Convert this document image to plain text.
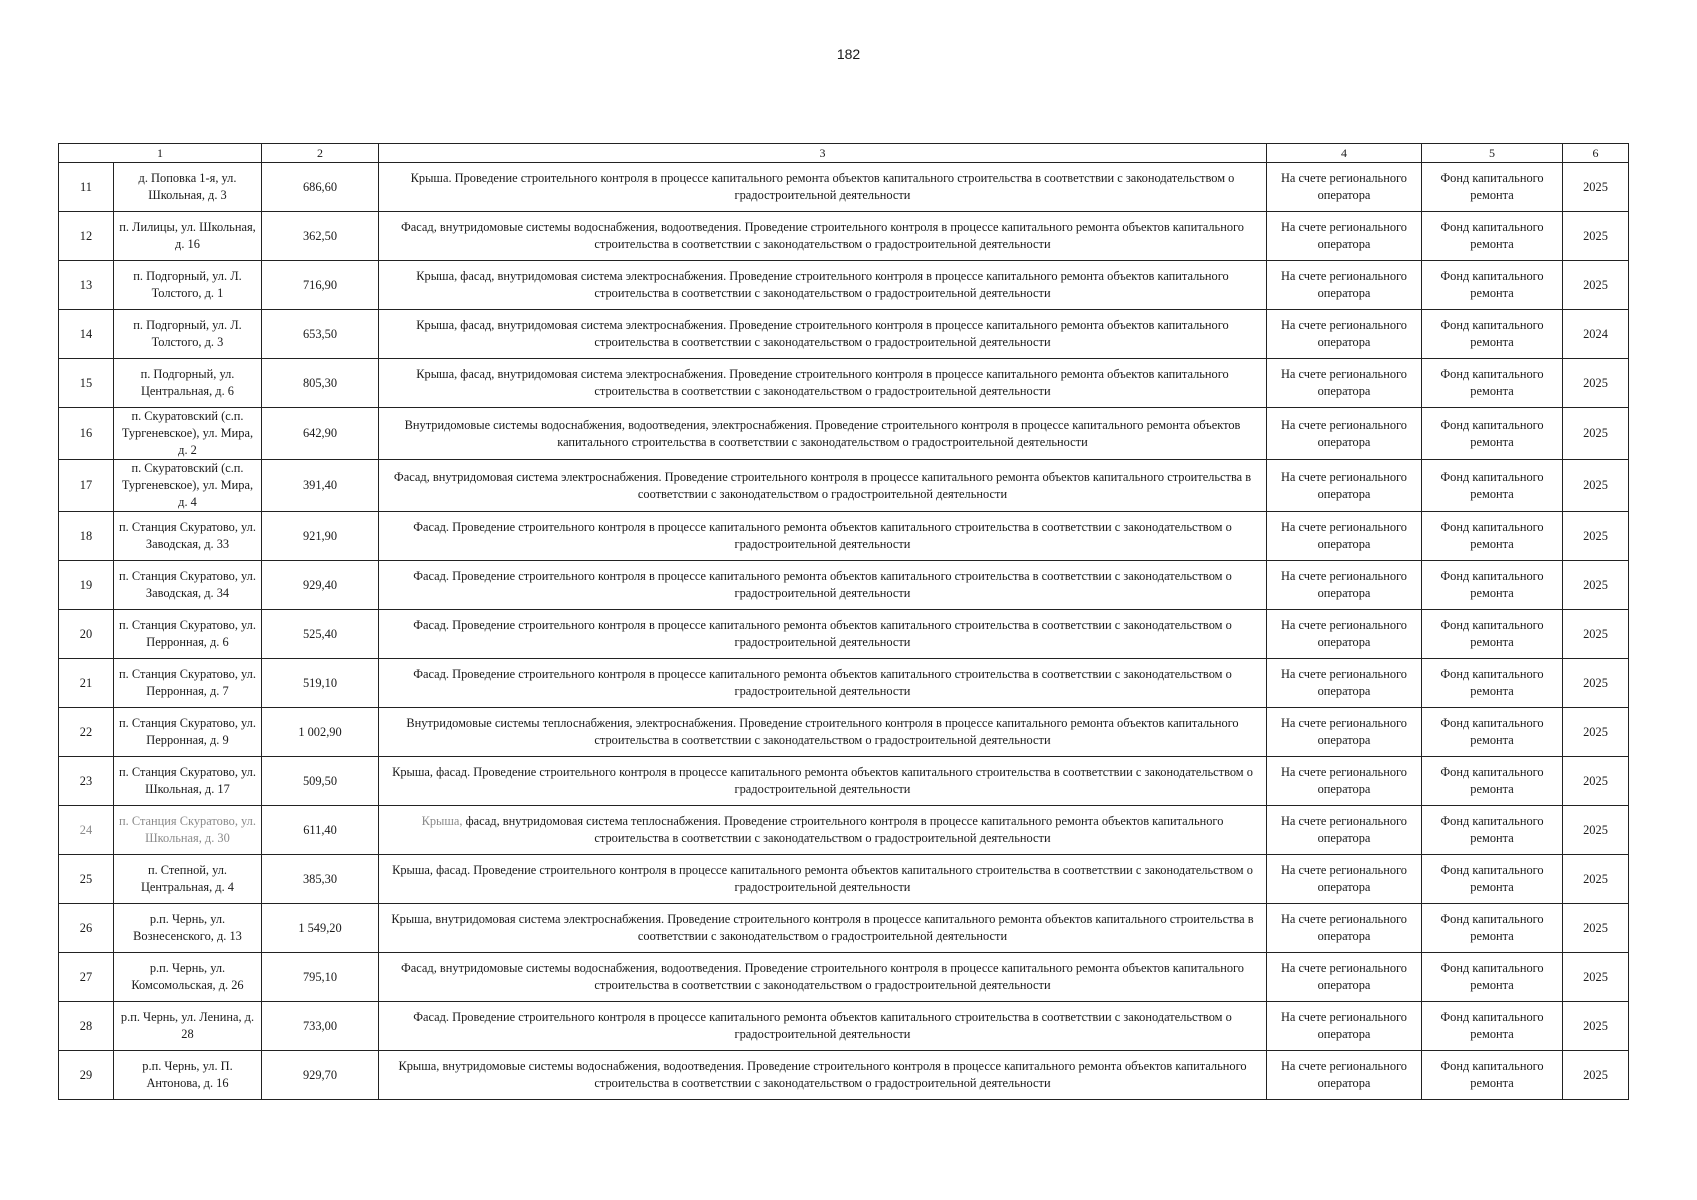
182
1		2	3	4	5	6
11	д. Поповка 1-я, ул. Школьная, д. 3	686,60	Крыша. Проведение строительного контроля в процессе капитального ремонта объектов капитального строительства в соответствии с законодательством о градостроительной деятельности	На счете регионального оператора	Фонд капитального ремонта	2025
12	п. Лилицы, ул. Школьная, д. 16	362,50	Фасад, внутридомовые системы водоснабжения, водоотведения. Проведение строительного контроля в процессе капитального ремонта объектов капитального строительства в соответствии с законодательством о градостроительной деятельности	На счете регионального оператора	Фонд капитального ремонта	2025
13	п. Подгорный, ул. Л. Толстого, д. 1	716,90	Крыша, фасад, внутридомовая система электроснабжения. Проведение строительного контроля в процессе капитального ремонта объектов капитального строительства в соответствии с законодательством о градостроительной деятельности	На счете регионального оператора	Фонд капитального ремонта	2025
14	п. Подгорный, ул. Л. Толстого, д. 3	653,50	Крыша, фасад, внутридомовая система электроснабжения. Проведение строительного контроля в процессе капитального ремонта объектов капитального строительства в соответствии с законодательством о градостроительной деятельности	На счете регионального оператора	Фонд капитального ремонта	2024
15	п. Подгорный, ул. Центральная, д. 6	805,30	Крыша, фасад, внутридомовая система электроснабжения. Проведение строительного контроля в процессе капитального ремонта объектов капитального строительства в соответствии с законодательством о градостроительной деятельности	На счете регионального оператора	Фонд капитального ремонта	2025
16	п. Скуратовский (с.п. Тургеневское), ул. Мира, д. 2	642,90	Внутридомовые системы водоснабжения, водоотведения, электроснабжения. Проведение строительного контроля в процессе капитального ремонта объектов капитального строительства в соответствии с законодательством о градостроительной деятельности	На счете регионального оператора	Фонд капитального ремонта	2025
17	п. Скуратовский (с.п. Тургеневское), ул. Мира, д. 4	391,40	Фасад, внутридомовая система электроснабжения. Проведение строительного контроля в процессе капитального ремонта объектов капитального строительства в соответствии с законодательством о градостроительной деятельности	На счете регионального оператора	Фонд капитального ремонта	2025
18	п. Станция Скуратово, ул. Заводская, д. 33	921,90	Фасад. Проведение строительного контроля в процессе капитального ремонта объектов капитального строительства в соответствии с законодательством о градостроительной деятельности	На счете регионального оператора	Фонд капитального ремонта	2025
19	п. Станция Скуратово, ул. Заводская, д. 34	929,40	Фасад. Проведение строительного контроля в процессе капитального ремонта объектов капитального строительства в соответствии с законодательством о градостроительной деятельности	На счете регионального оператора	Фонд капитального ремонта	2025
20	п. Станция Скуратово, ул. Перронная, д. 6	525,40	Фасад. Проведение строительного контроля в процессе капитального ремонта объектов капитального строительства в соответствии с законодательством о градостроительной деятельности	На счете регионального оператора	Фонд капитального ремонта	2025
21	п. Станция Скуратово, ул. Перронная, д. 7	519,10	Фасад. Проведение строительного контроля в процессе капитального ремонта объектов капитального строительства в соответствии с законодательством о градостроительной деятельности	На счете регионального оператора	Фонд капитального ремонта	2025
22	п. Станция Скуратово, ул. Перронная, д. 9	1 002,90	Внутридомовые системы теплоснабжения, электроснабжения. Проведение строительного контроля в процессе капитального ремонта объектов капитального строительства в соответствии с законодательством о градостроительной деятельности	На счете регионального оператора	Фонд капитального ремонта	2025
23	п. Станция Скуратово, ул. Школьная, д. 17	509,50	Крыша, фасад. Проведение строительного контроля в процессе капитального ремонта объектов капитального строительства в соответствии с законодательством о градостроительной деятельности	На счете регионального оператора	Фонд капитального ремонта	2025
24	п. Станция Скуратово, ул. Школьная, д. 30	611,40	Крыша, фасад, внутридомовая система теплоснабжения. Проведение строительного контроля в процессе капитального ремонта объектов капитального строительства в соответствии с законодательством о градостроительной деятельности	На счете регионального оператора	Фонд капитального ремонта	2025
25	п. Степной, ул. Центральная, д. 4	385,30	Крыша, фасад. Проведение строительного контроля в процессе капитального ремонта объектов капитального строительства в соответствии с законодательством о градостроительной деятельности	На счете регионального оператора	Фонд капитального ремонта	2025
26	р.п. Чернь, ул. Вознесенского, д. 13	1 549,20	Крыша, внутридомовая система электроснабжения. Проведение строительного контроля в процессе капитального ремонта объектов капитального строительства в соответствии с законодательством о градостроительной деятельности	На счете регионального оператора	Фонд капитального ремонта	2025
27	р.п. Чернь, ул. Комсомольская, д. 26	795,10	Фасад, внутридомовые системы водоснабжения, водоотведения. Проведение строительного контроля в процессе капитального ремонта объектов капитального строительства в соответствии с законодательством о градостроительной деятельности	На счете регионального оператора	Фонд капитального ремонта	2025
28	р.п. Чернь, ул. Ленина, д. 28	733,00	Фасад. Проведение строительного контроля в процессе капитального ремонта объектов капитального строительства в соответствии с законодательством о градостроительной деятельности	На счете регионального оператора	Фонд капитального ремонта	2025
29	р.п. Чернь, ул. П. Антонова, д. 16	929,70	Крыша, внутридомовые системы водоснабжения, водоотведения. Проведение строительного контроля в процессе капитального ремонта объектов капитального строительства в соответствии с законодательством о градостроительной деятельности	На счете регионального оператора	Фонд капитального ремонта	2025
